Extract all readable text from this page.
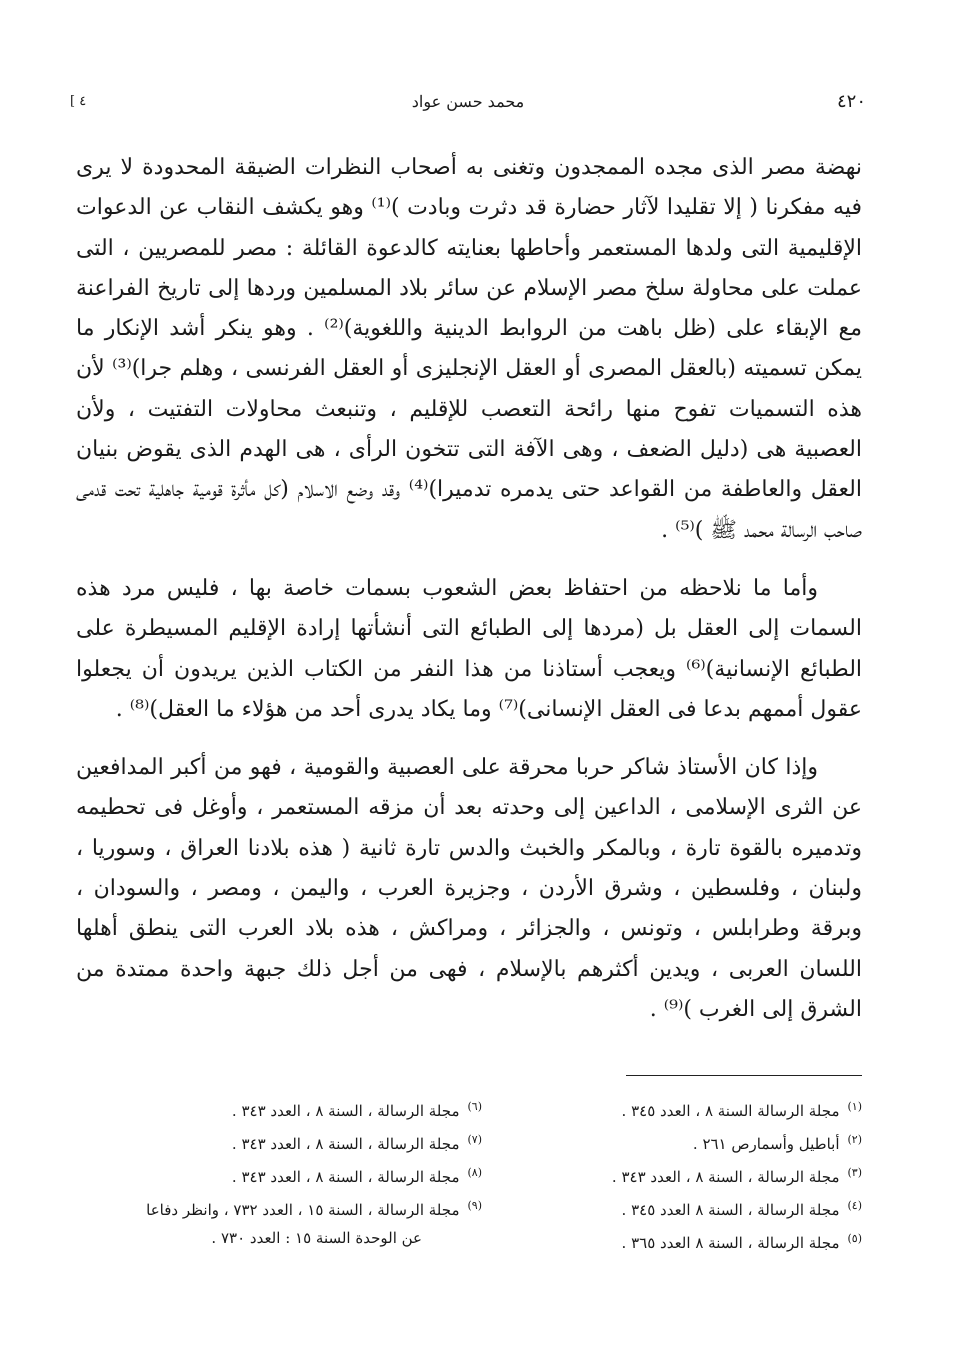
٤٢٠
محمد حسن عواد
[ ٤

نهضة مصر الذى مجده الممجدون وتغنى به أصحاب النظرات الضيقة المحدودة لا يرى فيه مفكرنا ( إلا تقليدا لآثار حضارة قد دثرت وبادت )⁽¹⁾ وهو يكشف النقاب عن الدعوات الإقليمية التى ولدها المستعمر وأحاطها بعنايته كالدعوة القائلة : مصر للمصريين ، التى عملت على محاولة سلخ مصر الإسلام عن سائر بلاد المسلمين وردها إلى تاريخ الفراعنة مع الإبقاء على (ظل باهت من الروابط الدينية واللغوية)⁽²⁾ . وهو ينكر أشد الإنكار ما يمكن تسميته (بالعقل المصرى أو العقل الإنجليزى أو العقل الفرنسى ، وهلم جرا)⁽³⁾ لأن هذه التسميات تفوح منها رائحة التعصب للإقليم ، وتنبعث محاولات التفتيت ، ولأن العصبية هى (دليل الضعف ، وهى الآفة التى تتخون الرأى ، هى الهدم الذى يقوض بنيان العقل والعاطفة من القواعد حتى يدمره تدميرا)⁽⁴⁾ وقد وضع الاسلام (كل مأثرة قومية جاهلية تحت قدمى صاحب الرسالة محمد ﷺ )⁽⁵⁾ .

وأما ما نلاحظه من احتفاظ بعض الشعوب بسمات خاصة بها ، فليس مرد هذه السمات إلى العقل بل (مردها إلى الطبائع التى أنشأتها إرادة الإقليم المسيطرة على الطبائع الإنسانية)⁽⁶⁾ ويعجب أستاذنا من هذا النفر من الكتاب الذين يريدون أن يجعلوا عقول أممهم بدعا فى العقل الإنسانى)⁽⁷⁾ وما يكاد يدرى أحد من هؤلاء ما العقل)⁽⁸⁾ .

وإذا كان الأستاذ شاكر حربا محرقة على العصبية والقومية ، فهو من أكبر المدافعين عن الثرى الإسلامى ، الداعين إلى وحدته بعد أن مزقه المستعمر ، وأوغل فى تحطيمه وتدميره بالقوة تارة ، وبالمكر والخبث والدس تارة ثانية ( هذه بلادنا العراق ، وسوريا ، ولبنان ، وفلسطين ، وشرق الأردن ، وجزيرة العرب ، واليمن ، ومصر ، والسودان ، وبرقة وطرابلس ، وتونس ، والجزائر ، ومراكش ، هذه بلاد العرب التى ينطق أهلها اللسان العربى ، ويدين أكثرهم بالإسلام ، فهى من أجل ذلك جبهة واحدة ممتدة من الشرق إلى الغرب )⁽⁹⁾ .

$^{(١)}$مجلة الرسالة السنة ٨ ، العدد ٣٤٥ .
$^{(٢)}$أباطيل وأسمارص ٢٦١ .
$^{(٣)}$مجلة الرسالة ، السنة ٨ ، العدد ٣٤٣ .
$^{(٤)}$مجلة الرسالة ، السنة ٨ العدد ٣٤٥ .
$^{(٥)}$مجلة الرسالة ، السنة ٨ العدد ٣٦٥ .
$^{(٦)}$مجلة الرسالة ، السنة ٨ ، العدد ٣٤٣ .
$^{(٧)}$مجلة الرسالة ، السنة ٨ ، العدد ٣٤٣ .
$^{(٨)}$مجلة الرسالة ، السنة ٨ ، العدد ٣٤٣ .
$^{(٩)}$مجلة الرسالة ، السنة ١٥ ، العدد ٧٣٢ ، وانظر دفاعا
عن الوحدة السنة ١٥ : العدد ٧٣٠ .
